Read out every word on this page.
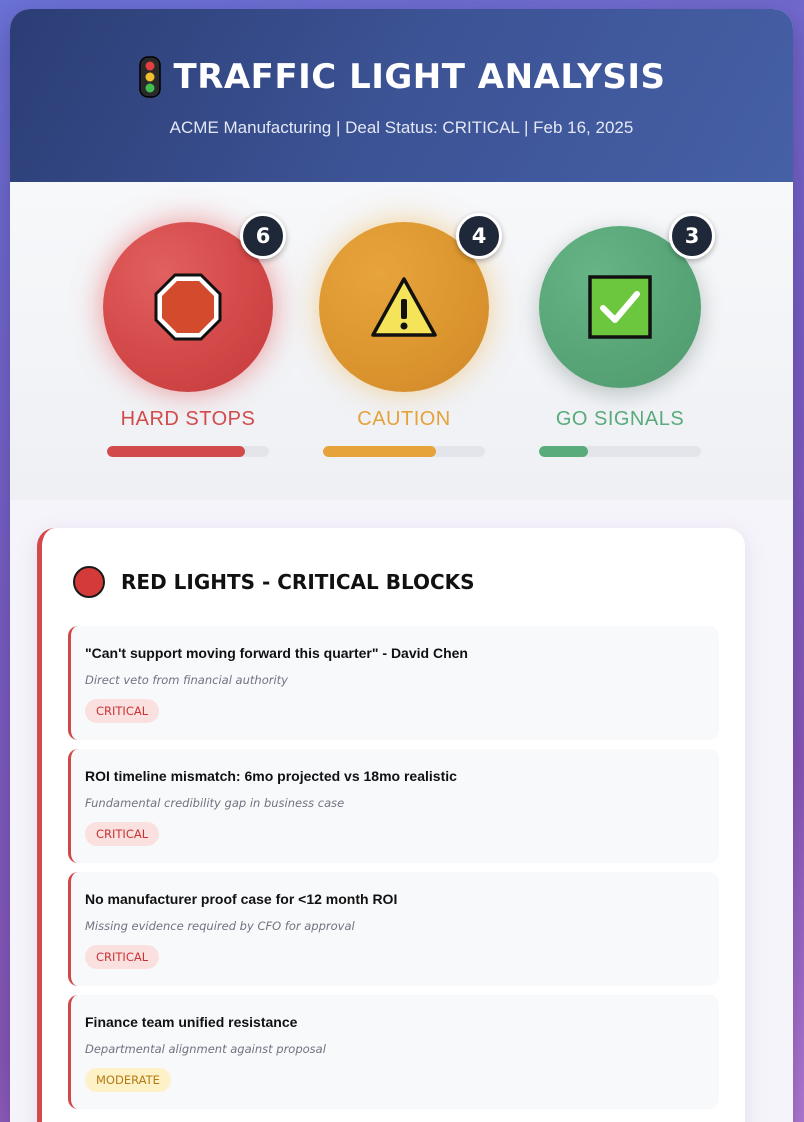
TRAFFIC LIGHT ANALYSIS
ACME Manufacturing | Deal Status: CRITICAL | Feb 16, 2025
6
HARD STOPS
4
CAUTION
3
GO SIGNALS
RED LIGHTS - CRITICAL BLOCKS
"Can't support moving forward this quarter" - David Chen
Direct veto from financial authority
CRITICAL
ROI timeline mismatch: 6mo projected vs 18mo realistic
Fundamental credibility gap in business case
CRITICAL
No manufacturer proof case for <12 month ROI
Missing evidence required by CFO for approval
CRITICAL
Finance team unified resistance
Departmental alignment against proposal
MODERATE
